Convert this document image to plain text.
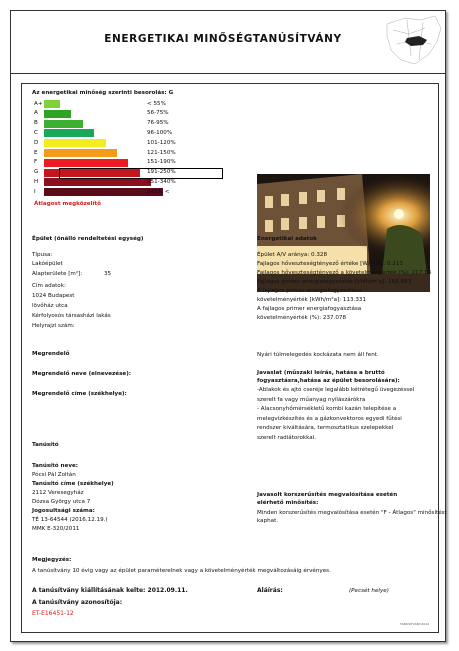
ENERGETIKAI MINŐSÉGTANÚSÍTVÁNY
Az energetikai minőség szerinti besorolás: G
A+	< 55%
A	56-75%
B	76-95%
C	96-100%
D	101-120%
E	121-150%
F	151-190%
G	191-250%
H	251-340%
I	341% <
Átlagost megközelítő
Épület (önálló rendeltetési egység)
Típusa:
Lakóépület
Alapterülete [m²]:	35
Cím adatok:
1024 Budapest
lövőház utca
Kérfolyosós társasházi lakás
Helyrajzi szám:
Energetikai adatok
Épület A/V aránya: 0.328
Fajlagos hőveszteségtényező értéke [W/m³K]: 0.211
Fajlagos hőveszteségtényező a követelményérték (%): 217.13
Fajlagos primer energiafogyasztás [kWh/m²a]: 268.683
A fajlagos primer energiafogyasztása
követelményérték [kWh/m²a]: 113.331
A fajlagos primer energiafogyasztása
követelményérték (%): 237.078
Megrendelő	Nyári túlmelegedés kockázata nem áll fent.
Megrendelő neve (elnevezése):
Megrendelő címe (székhelye):
Javaslat (műszaki leírás, hatása a bruttó
fogyasztásra,hatása az épület besorolására):
-Ablakok és ajtó cseréje legalább kétrétegű üvegezéssel
szerelt fa vagy műanyag nyílászárókra
- Alacsonyhőmérsékletű kombi kazán telepítése a
melegvízkészítés és a gázkonvektoros egyedi fűtési
rendszer kiváltására, termosztatikus szelepekkel
szerelt radiátorokkal.
Tanúsító
Tanúsító neve:
Pócsi Pál Zoltán
Tanúsító címe (székhelye)
2112 Veresegyház
Dózsa György utca 7
Jogosultsági száma:
TÉ 13-64544 (2016.12.19.)
MMK E-320/2011
Javasolt korszerűsítés megvalósítása esetén
elérhető minősítés:
Minden korszerűsítés megvalósítása esetén "F - Átlagos" minősítést
kaphat.
Megjegyzés:
A tanúsítvány 10 évig vagy az épület paraméterelnek vagy a követelményérték megváltozásáig érvényes.
A tanúsítvány kiállításának kelte: 2012.09.11.
A tanúsítvány azonosítója:
ET-E16451-12
Aláírás:	(Pecsét helye)
TANÚSÍTVÁNY-2012
